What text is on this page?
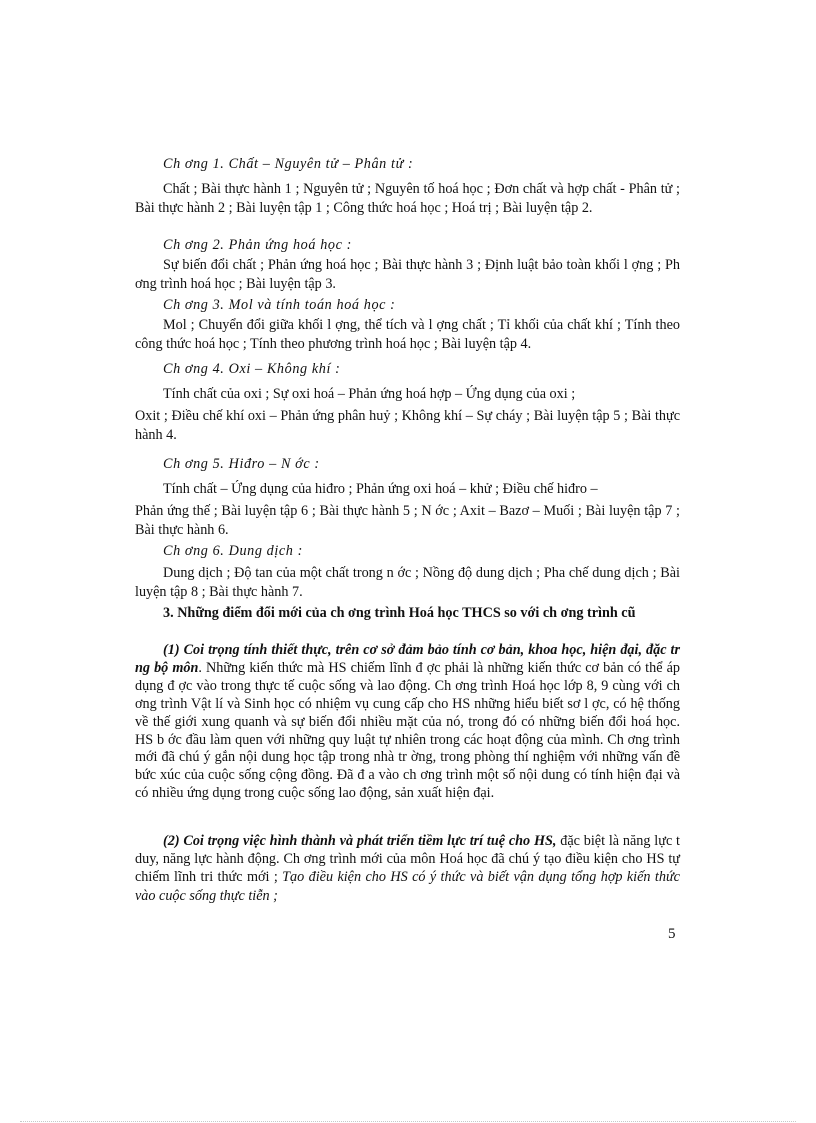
Ch ơng 1. Chất – Nguyên tử – Phân tử :
Chất ; Bài thực hành 1 ; Nguyên tử ; Nguyên tố hoá học ; Đơn chất và hợp chất - Phân tử ; Bài thực hành 2 ; Bài luyện tập 1 ; Công thức hoá học ; Hoá trị ; Bài luyện tập 2.
Ch ơng 2. Phản ứng hoá học :
Sự biến đổi chất ; Phản ứng hoá học ; Bài thực hành 3 ; Định luật bảo toàn khối l ợng ; Ph ơng trình hoá học ; Bài luyện tập 3.
Ch ơng 3. Mol và tính toán hoá học :
Mol ; Chuyển đổi giữa khối l ợng, thể tích và l ợng chất ; Tỉ khối của chất khí ; Tính theo công thức hoá học ; Tính theo phương trình hoá học ; Bài luyện tập 4.
Ch ơng 4. Oxi – Không khí :
Tính chất của oxi ; Sự oxi hoá – Phản ứng hoá hợp – Ứng dụng của oxi ;
Oxit ; Điều chế khí oxi – Phản ứng phân huỷ ; Không khí – Sự cháy ; Bài luyện tập 5 ; Bài thực hành 4.
Ch ơng 5. Hiđro – N ớc :
Tính chất – Ứng dụng của hiđro ; Phản ứng oxi hoá – khử ; Điều chế hiđro –
Phản ứng thế ; Bài luyện tập 6 ; Bài thực hành 5 ; N ớc ; Axit – Bazơ – Muối ; Bài luyện tập 7 ; Bài thực hành 6.
Ch ơng 6. Dung dịch :
Dung dịch ; Độ tan của một chất trong n ớc ; Nồng độ dung dịch ; Pha chế dung dịch ; Bài luyện tập 8 ; Bài thực hành 7.
3. Những điểm đổi mới của ch ơng trình Hoá học THCS so với ch ơng trình cũ
(1) Coi trọng tính thiết thực, trên cơ sở đảm bảo tính cơ bản, khoa học, hiện đại, đặc tr ng bộ môn. Những kiến thức mà HS chiếm lĩnh đ ợc phải là những kiến thức cơ bản có thể áp dụng đ ợc vào trong thực tế cuộc sống và lao động. Ch ơng trình Hoá học lớp 8, 9 cùng với ch ơng trình Vật lí và Sinh học có nhiệm vụ cung cấp cho HS những hiểu biết sơ l ợc, có hệ thống về thế giới xung quanh và sự biến đổi nhiều mặt của nó, trong đó có những biến đổi hoá học. HS b ớc đầu làm quen với những quy luật tự nhiên trong các hoạt động của mình. Ch ơng trình mới đã chú ý gắn nội dung học tập trong nhà tr ờng, trong phòng thí nghiệm với những vấn đề bức xúc của cuộc sống cộng đồng. Đã đ a vào ch ơng trình một số nội dung có tính hiện đại và có nhiều ứng dụng trong cuộc sống lao động, sản xuất hiện đại.
(2) Coi trọng việc hình thành và phát triển tiềm lực trí tuệ cho HS, đặc biệt là năng lực t duy, năng lực hành động. Ch ơng trình mới của môn Hoá học đã chú ý tạo điều kiện cho HS tự chiếm lĩnh tri thức mới ; Tạo điều kiện cho HS có ý thức và biết vận dụng tổng hợp kiến thức vào cuộc sống thực tiễn ;
5
